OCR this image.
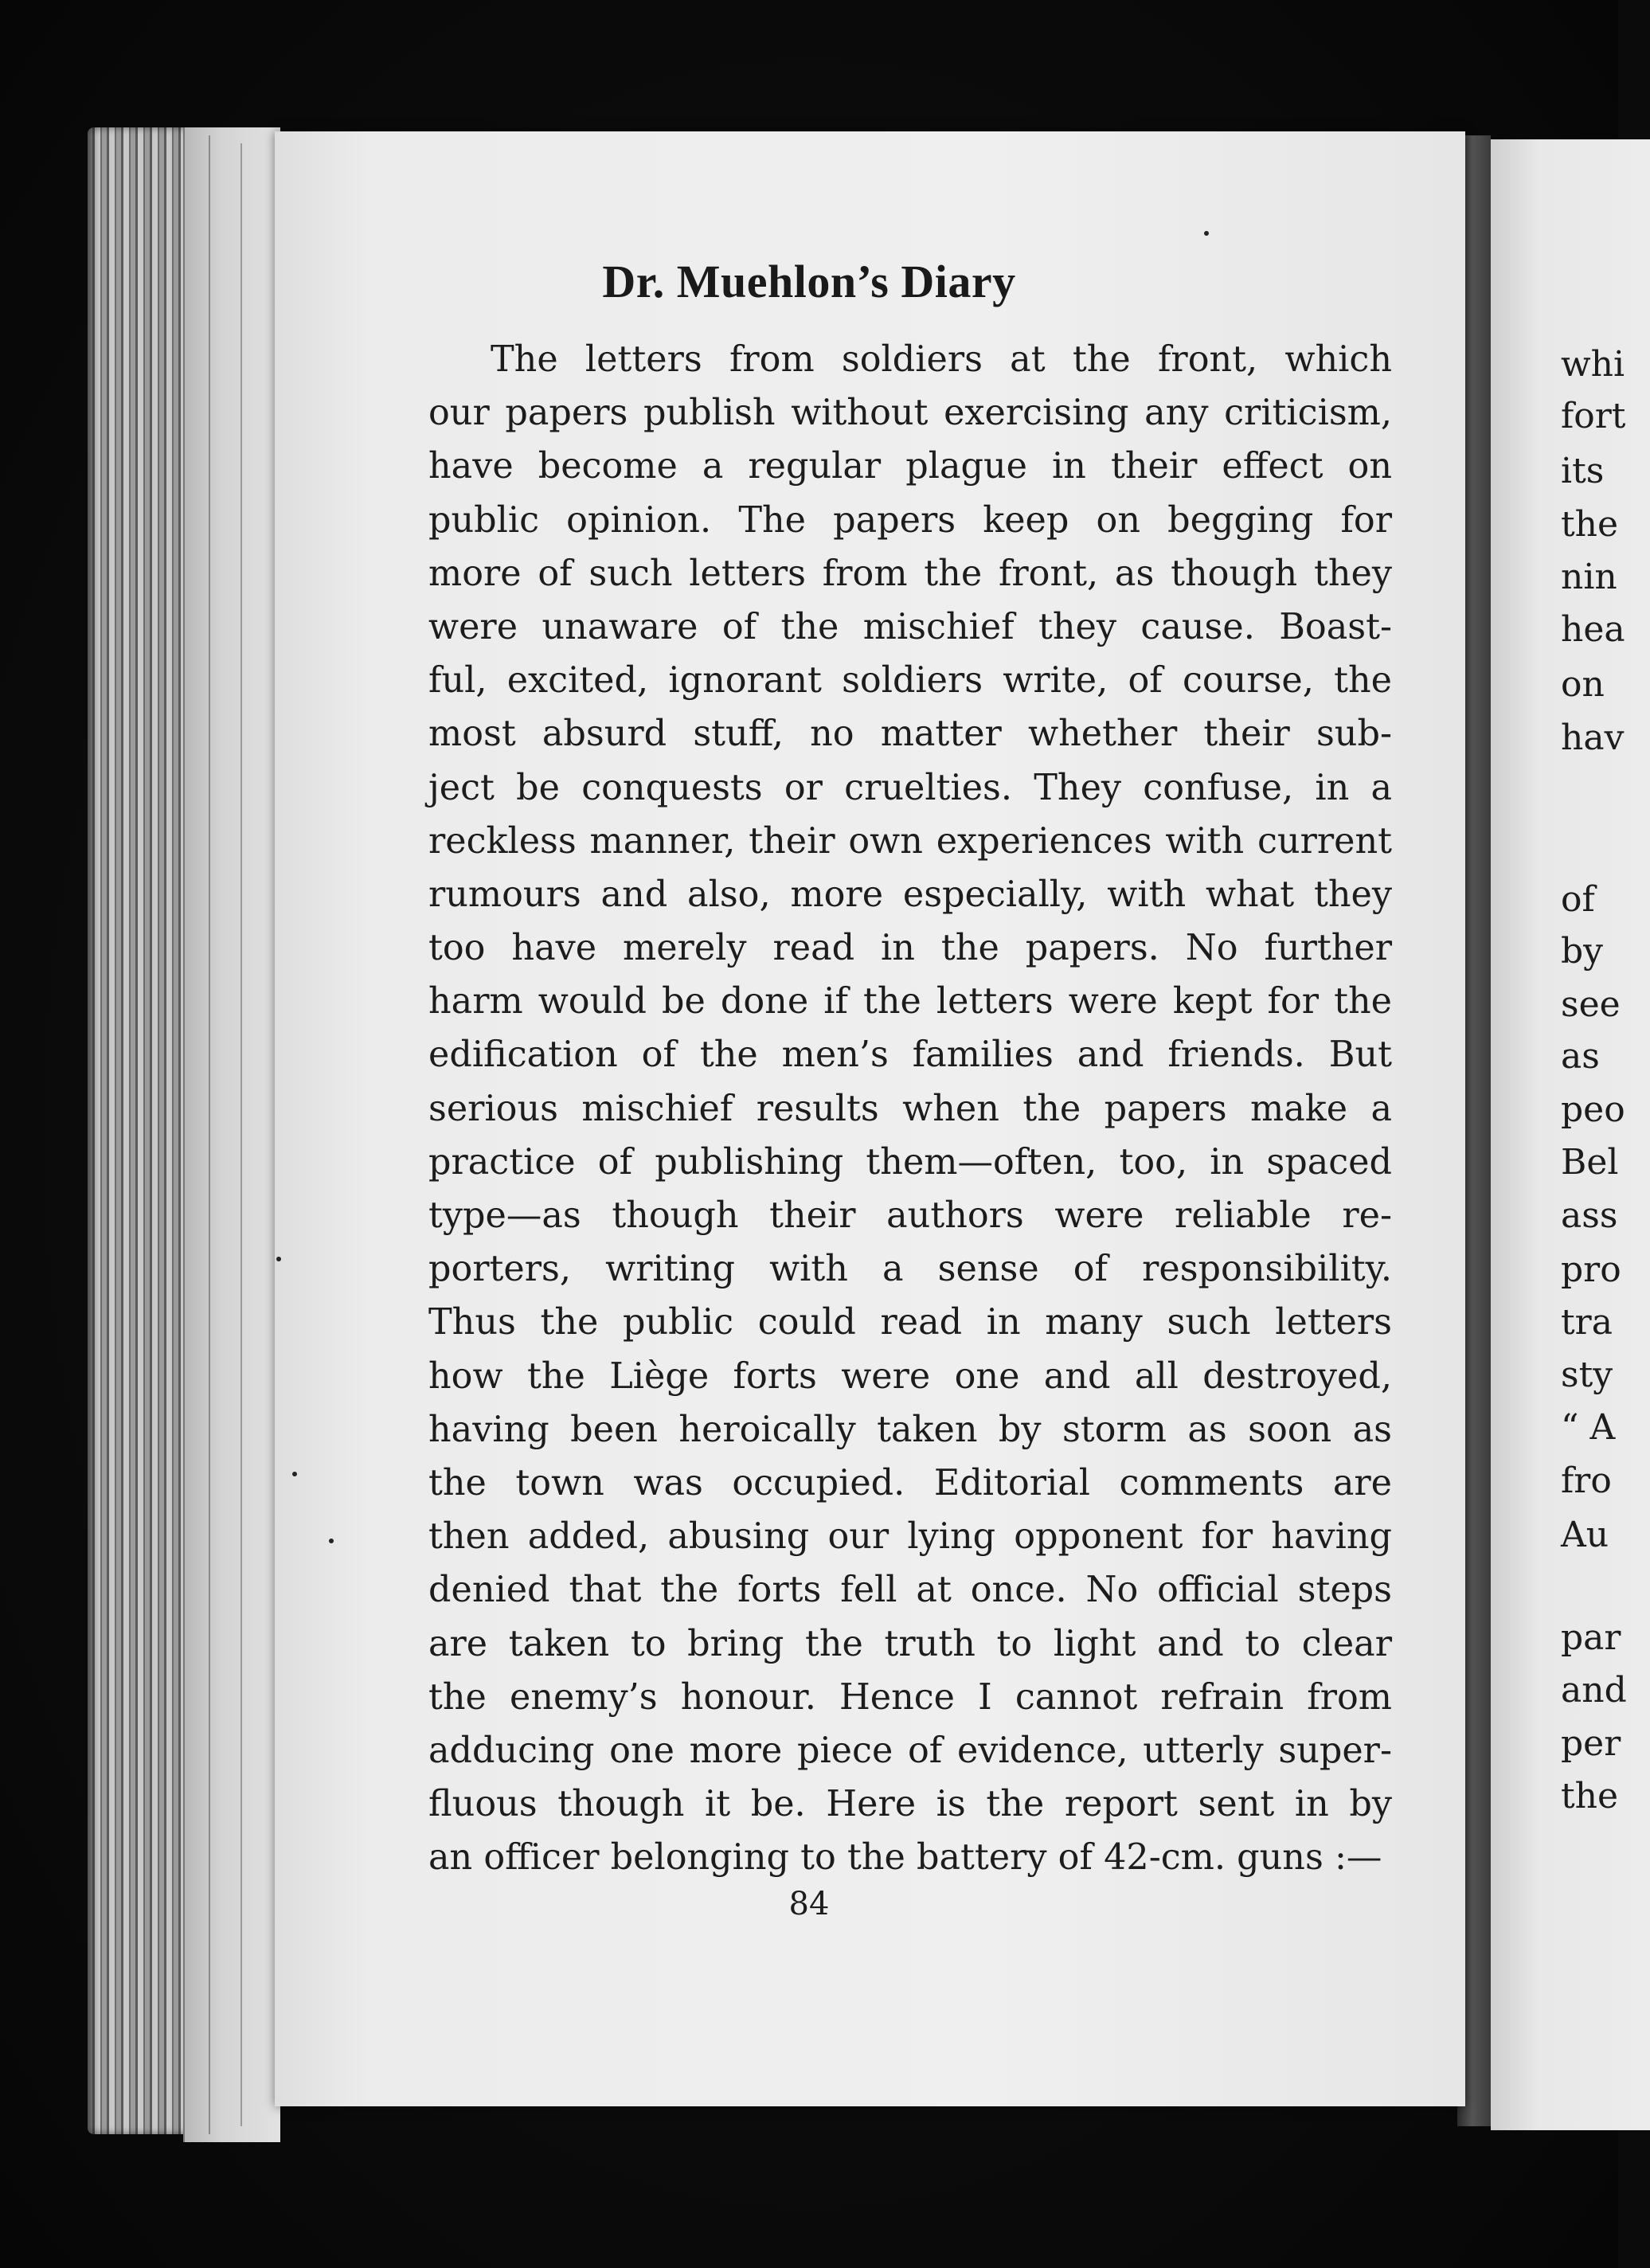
Dr. Muehlon’s Diary
The letters from soldiers at the front, which
our papers publish without exercising any criticism,
have become a regular plague in their effect on
public opinion. The papers keep on begging for
more of such letters from the front, as though they
were unaware of the mischief they cause. Boast-
ful, excited, ignorant soldiers write, of course, the
most absurd stuff, no matter whether their sub-
ject be conquests or cruelties. They confuse, in a
reckless manner, their own experiences with current
rumours and also, more especially, with what they
too have merely read in the papers. No further
harm would be done if the letters were kept for the
edification of the men’s families and friends. But
serious mischief results when the papers make a
practice of publishing them—often, too, in spaced
type—as though their authors were reliable re-
porters, writing with a sense of responsibility.
Thus the public could read in many such letters
how the Liège forts were one and all destroyed,
having been heroically taken by storm as soon as
the town was occupied. Editorial comments are
then added, abusing our lying opponent for having
denied that the forts fell at once. No official steps
are taken to bring the truth to light and to clear
the enemy’s honour. Hence I cannot refrain from
adducing one more piece of evidence, utterly super-
fluous though it be. Here is the report sent in by
an officer belonging to the battery of 42-cm. guns :—
84
whi
fort
its
the
nin
hea
on
hav
of
by
see
as
peo
Bel
ass
pro
tra
sty
“ A
fro
Au
par
and
per
the
